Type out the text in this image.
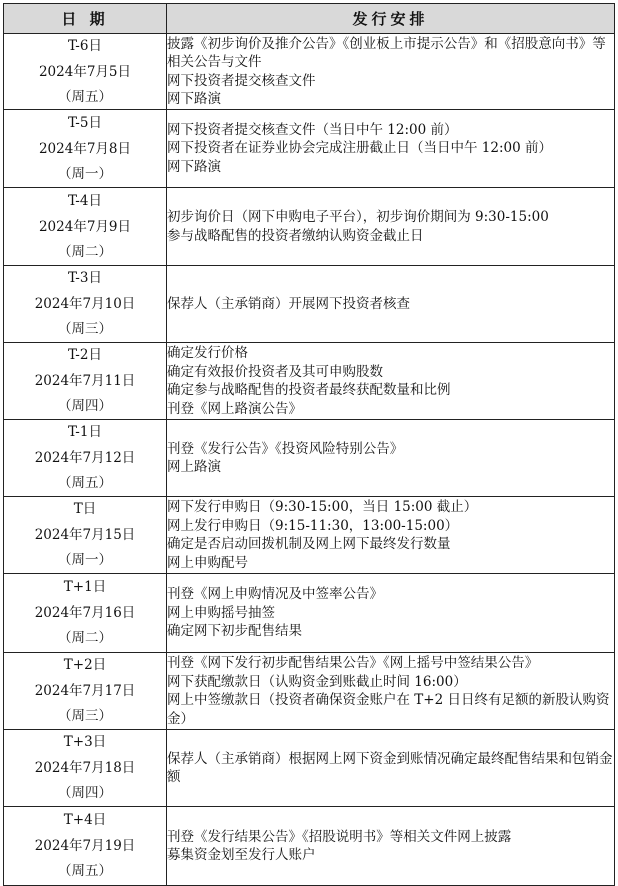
日 期	发行安排

T-6日
2024年7月5日
（周五）	披露《初步询价及推介公告》《创业板上市提示公告》和《招股意向书》等相关公告与文件
网下投资者提交核查文件
网下路演

T-5日
2024年7月8日
（周一）	网下投资者提交核查文件（当日中午 12:00 前）
网下投资者在证券业协会完成注册截止日（当日中午 12:00 前）
网下路演

T-4日
2024年7月9日
（周二）	初步询价日（网下申购电子平台），初步询价期间为 9:30-15:00
参与战略配售的投资者缴纳认购资金截止日

T-3日
2024年7月10日
（周三）	保荐人（主承销商）开展网下投资者核查

T-2日
2024年7月11日
（周四）	确定发行价格
确定有效报价投资者及其可申购股数
确定参与战略配售的投资者最终获配数量和比例
刊登《网上路演公告》

T-1日
2024年7月12日
（周五）	刊登《发行公告》《投资风险特别公告》
网上路演

T日
2024年7月15日
（周一）	网下发行申购日（9:30-15:00，当日 15:00 截止）
网上发行申购日（9:15-11:30，13:00-15:00）
确定是否启动回拨机制及网上网下最终发行数量
网上申购配号

T+1日
2024年7月16日
（周二）	刊登《网上申购情况及中签率公告》
网上申购摇号抽签
确定网下初步配售结果

T+2日
2024年7月17日
（周三）	刊登《网下发行初步配售结果公告》《网上摇号中签结果公告》
网下获配缴款日（认购资金到账截止时间 16:00）
网上中签缴款日（投资者确保资金账户在 T+2 日日终有足额的新股认购资金）

T+3日
2024年7月18日
（周四）	保荐人（主承销商）根据网上网下资金到账情况确定最终配售结果和包销金额

T+4日
2024年7月19日
（周五）	刊登《发行结果公告》《招股说明书》等相关文件网上披露
募集资金划至发行人账户
